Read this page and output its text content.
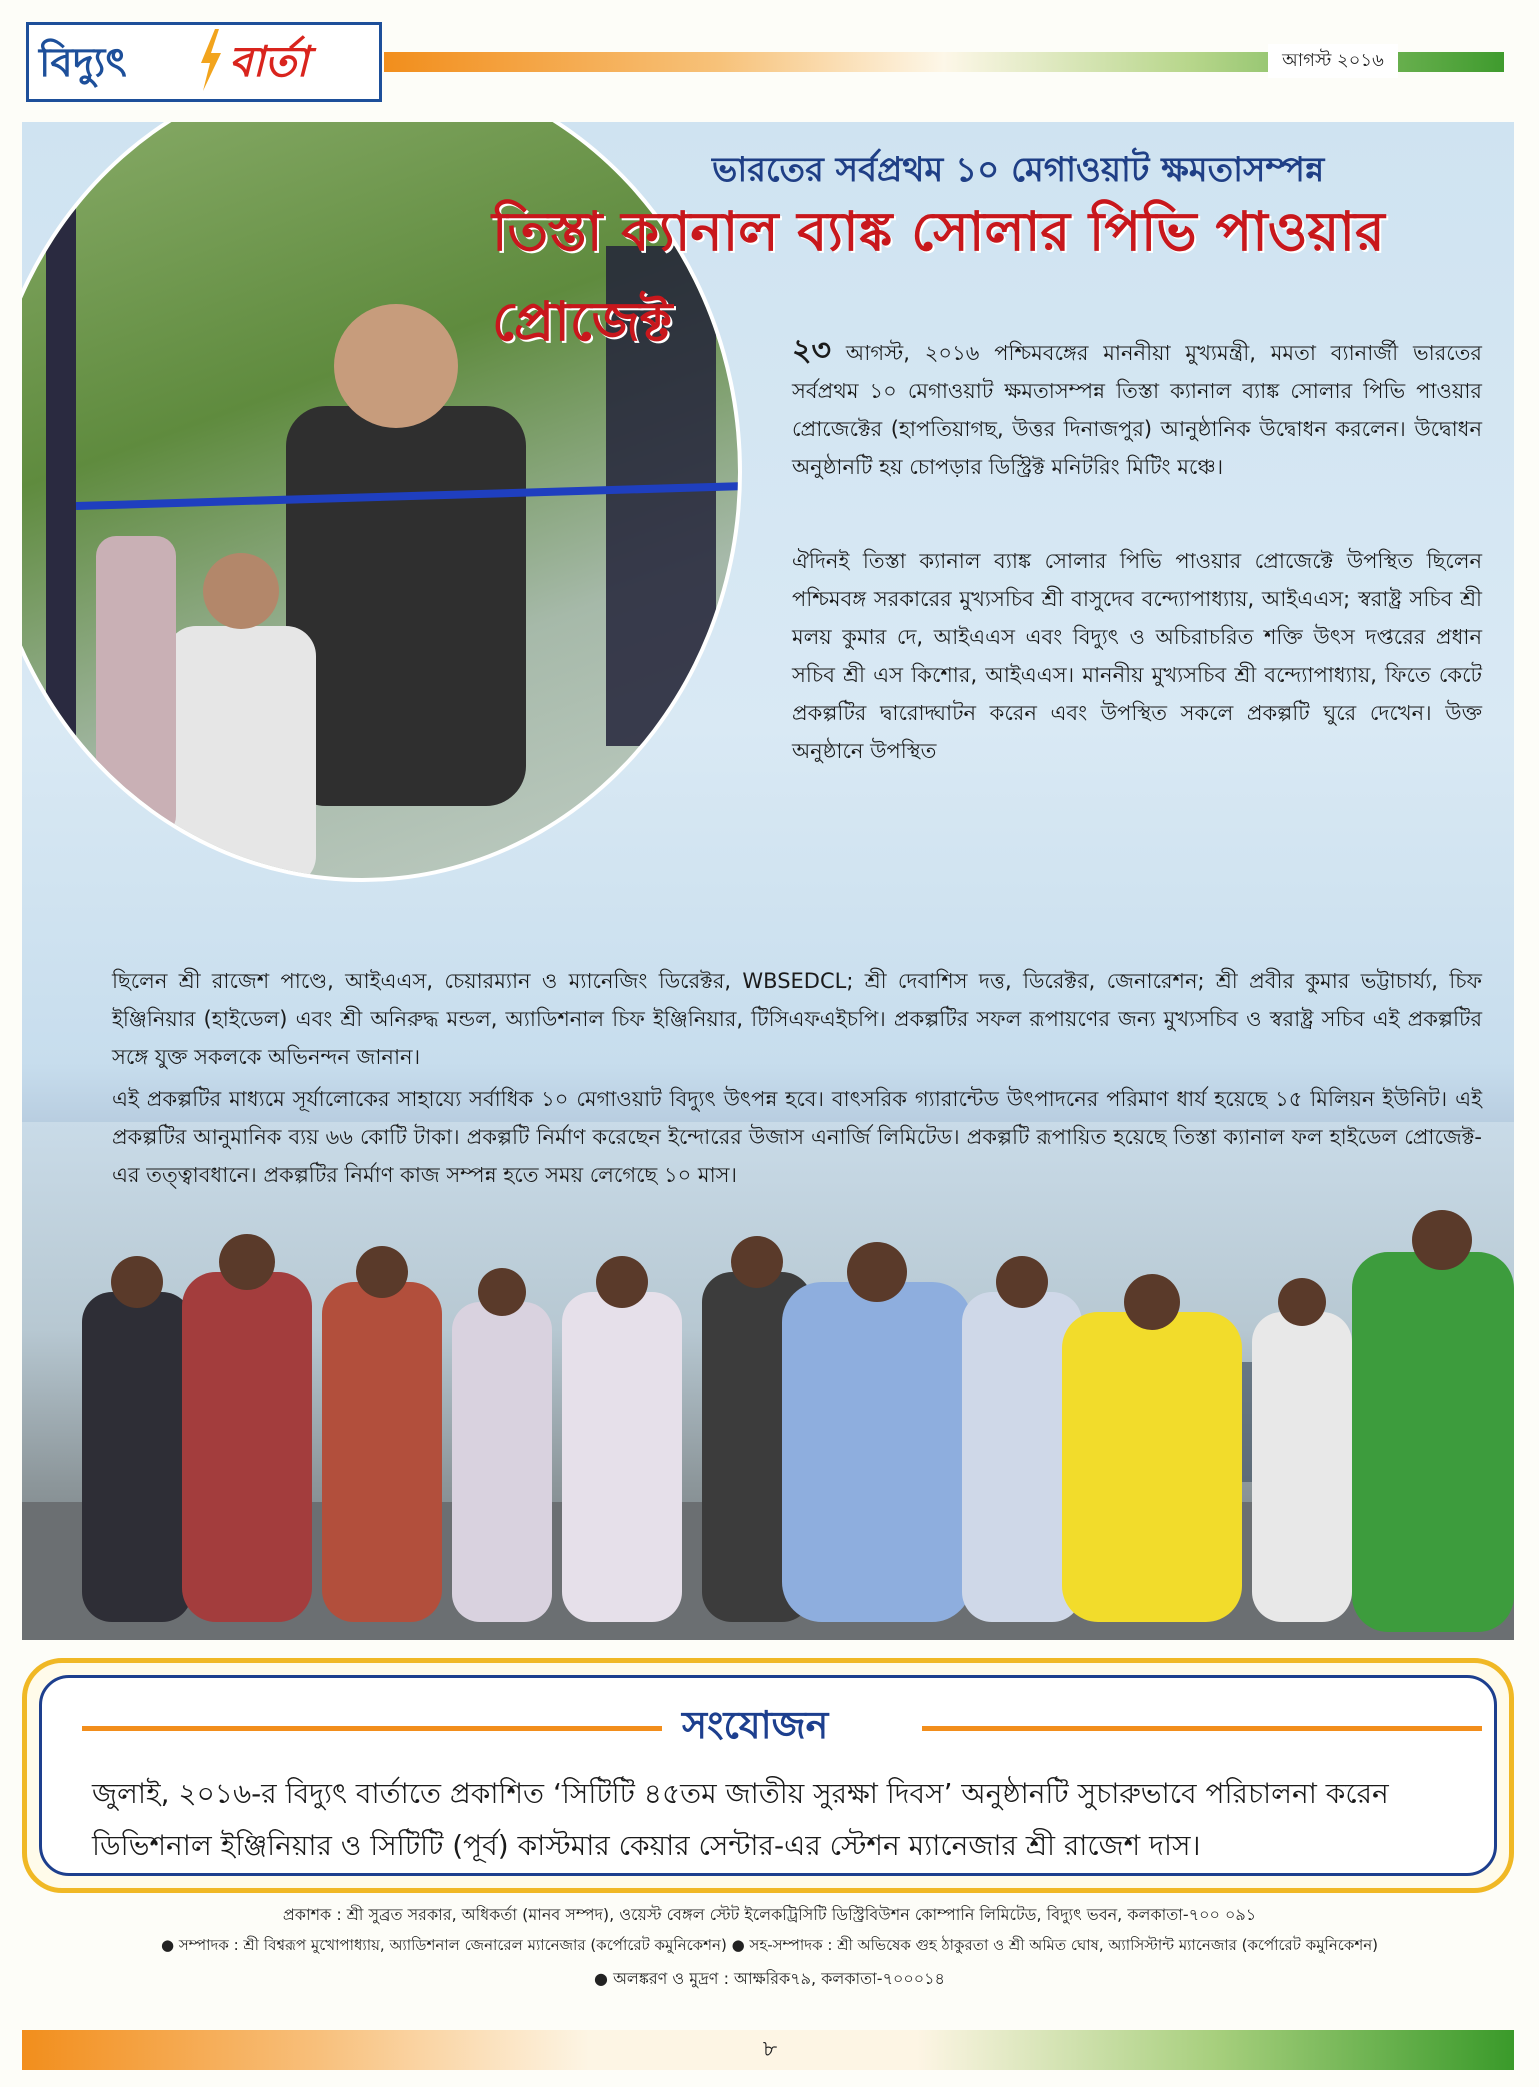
বিদ্যুৎ বার্তা	আগস্ট ২০১৬
ভারতের সর্বপ্রথম ১০ মেগাওয়াট ক্ষমতাসম্পন্ন
তিস্তা ক্যানাল ব্যাঙ্ক সোলার পিভি পাওয়ার প্রোজেক্ট	২৩ আগস্ট, ২০১৬ পশ্চিমবঙ্গের মাননীয়া মুখ্যমন্ত্রী, মমতা ব্যানার্জী ভারতের সর্বপ্রথম ১০ মেগাওয়াট ক্ষমতাসম্পন্ন তিস্তা ক্যানাল ব্যাঙ্ক সোলার পিভি পাওয়ার প্রোজেক্টের (হাপতিয়াগছ, উত্তর দিনাজপুর) আনুষ্ঠানিক উদ্বোধন করলেন। উদ্বোধন অনুষ্ঠানটি হয় চোপড়ার ডিস্ট্রিক্ট মনিটরিং মিটিং মঞ্চে।
ঐদিনই তিস্তা ক্যানাল ব্যাঙ্ক সোলার পিভি পাওয়ার প্রোজেক্টে উপস্থিত ছিলেন পশ্চিমবঙ্গ সরকারের মুখ্যসচিব শ্রী বাসুদেব বন্দ্যোপাধ্যায়, আইএএস; স্বরাষ্ট্র সচিব শ্রী মলয় কুমার দে, আইএএস এবং বিদ্যুৎ ও অচিরাচরিত শক্তি উৎস দপ্তরের প্রধান সচিব শ্রী এস কিশোর, আইএএস। মাননীয় মুখ্যসচিব শ্রী বন্দ্যোপাধ্যায়, ফিতে কেটে প্রকল্পটির দ্বারোদ্ঘাটন করেন এবং উপস্থিত সকলে প্রকল্পটি ঘুরে দেখেন। উক্ত অনুষ্ঠানে উপস্থিত
ছিলেন শ্রী রাজেশ পাণ্ডে, আইএএস, চেয়ারম্যান ও ম্যানেজিং ডিরেক্টর, WBSEDCL; শ্রী দেবাশিস দত্ত, ডিরেক্টর, জেনারেশন; শ্রী প্রবীর কুমার ভট্টাচার্য্য, চিফ ইঞ্জিনিয়ার (হাইডেল) এবং শ্রী অনিরুদ্ধ মন্ডল, অ্যাডিশনাল চিফ ইঞ্জিনিয়ার, টিসিএফএইচপি। প্রকল্পটির সফল রূপায়ণের জন্য মুখ্যসচিব ও স্বরাষ্ট্র সচিব এই প্রকল্পটির সঙ্গে যুক্ত সকলকে অভিনন্দন জানান।
এই প্রকল্পটির মাধ্যমে সূর্যালোকের সাহায্যে সর্বাধিক ১০ মেগাওয়াট বিদ্যুৎ উৎপন্ন হবে। বাৎসরিক গ্যারান্টেড উৎপাদনের পরিমাণ ধার্য হয়েছে ১৫ মিলিয়ন ইউনিট। এই প্রকল্পটির আনুমানিক ব্যয় ৬৬ কোটি টাকা। প্রকল্পটি নির্মাণ করেছেন ইন্দোরের উজাস এনার্জি লিমিটেড। প্রকল্পটি রূপায়িত হয়েছে তিস্তা ক্যানাল ফল হাইডেল প্রোজেক্ট-এর তত্ত্বাবধানে। প্রকল্পটির নির্মাণ কাজ সম্পন্ন হতে সময় লেগেছে ১০ মাস।
সংযোজন
জুলাই, ২০১৬-র বিদ্যুৎ বার্তাতে প্রকাশিত ‘সিটিটি ৪৫তম জাতীয় সুরক্ষা দিবস’ অনুষ্ঠানটি সুচারুভাবে পরিচালনা করেন ডিভিশনাল ইঞ্জিনিয়ার ও সিটিটি (পূর্ব) কাস্টমার কেয়ার সেন্টার-এর স্টেশন ম্যানেজার শ্রী রাজেশ দাস।
প্রকাশক : শ্রী সুব্রত সরকার, অধিকর্তা (মানব সম্পদ), ওয়েস্ট বেঙ্গল স্টেট ইলেকট্রিসিটি ডিস্ট্রিবিউশন কোম্পানি লিমিটেড, বিদ্যুৎ ভবন, কলকাতা-৭০০ ০৯১
● সম্পাদক : শ্রী বিশ্বরূপ মুখোপাধ্যায়, অ্যাডিশনাল জেনারেল ম্যানেজার (কর্পোরেট কমুনিকেশন) ● সহ-সম্পাদক : শ্রী অভিষেক গুহ ঠাকুরতা ও শ্রী অমিত ঘোষ, অ্যাসিস্টান্ট ম্যানেজার (কর্পোরেট কমুনিকেশন)
● অলঙ্করণ ও মুদ্রণ : আক্ষরিক৭৯, কলকাতা-৭০০০১৪
৮
